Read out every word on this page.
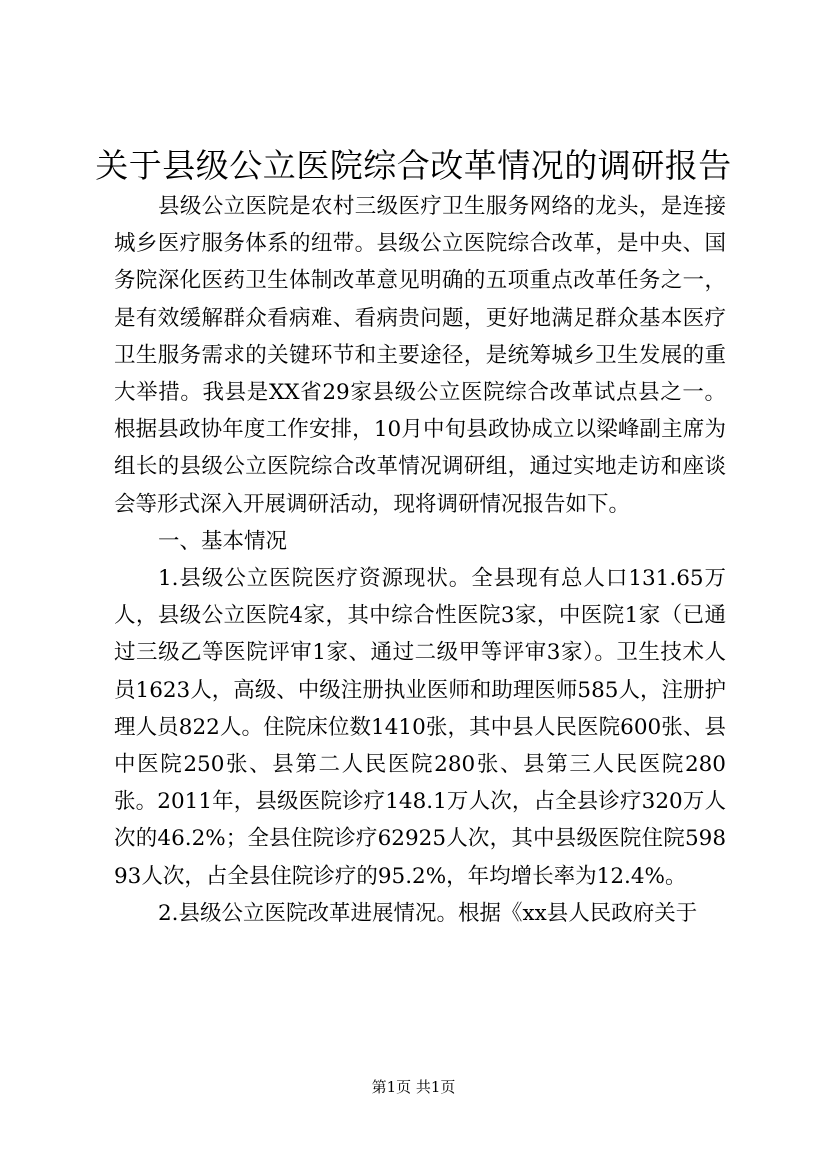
关于县级公立医院综合改革情况的调研报告

县级公立医院是农村三级医疗卫生服务网络的龙头，是连接城乡医疗服务体系的纽带。县级公立医院综合改革，是中央、国务院深化医药卫生体制改革意见明确的五项重点改革任务之一，是有效缓解群众看病难、看病贵问题，更好地满足群众基本医疗卫生服务需求的关键环节和主要途径，是统筹城乡卫生发展的重大举措。我县是XX省29家县级公立医院综合改革试点县之一。根据县政协年度工作安排，10月中旬县政协成立以梁峰副主席为组长的县级公立医院综合改革情况调研组，通过实地走访和座谈会等形式深入开展调研活动，现将调研情况报告如下。

一、基本情况

1.县级公立医院医疗资源现状。全县现有总人口131.65万人，县级公立医院4家，其中综合性医院3家，中医院1家（已通过三级乙等医院评审1家、通过二级甲等评审3家）。卫生技术人员1623人，高级、中级注册执业医师和助理医师585人，注册护理人员822人。住院床位数1410张，其中县人民医院600张、县中医院250张、县第二人民医院280张、县第三人民医院280张。2011年，县级医院诊疗148.1万人次，占全县诊疗320万人次的46.2%；全县住院诊疗62925人次，其中县级医院住院59893人次，占全县住院诊疗的95.2%，年均增长率为12.4%。

2.县级公立医院改革进展情况。根据《xx县人民政府关于

第1页 共1页
